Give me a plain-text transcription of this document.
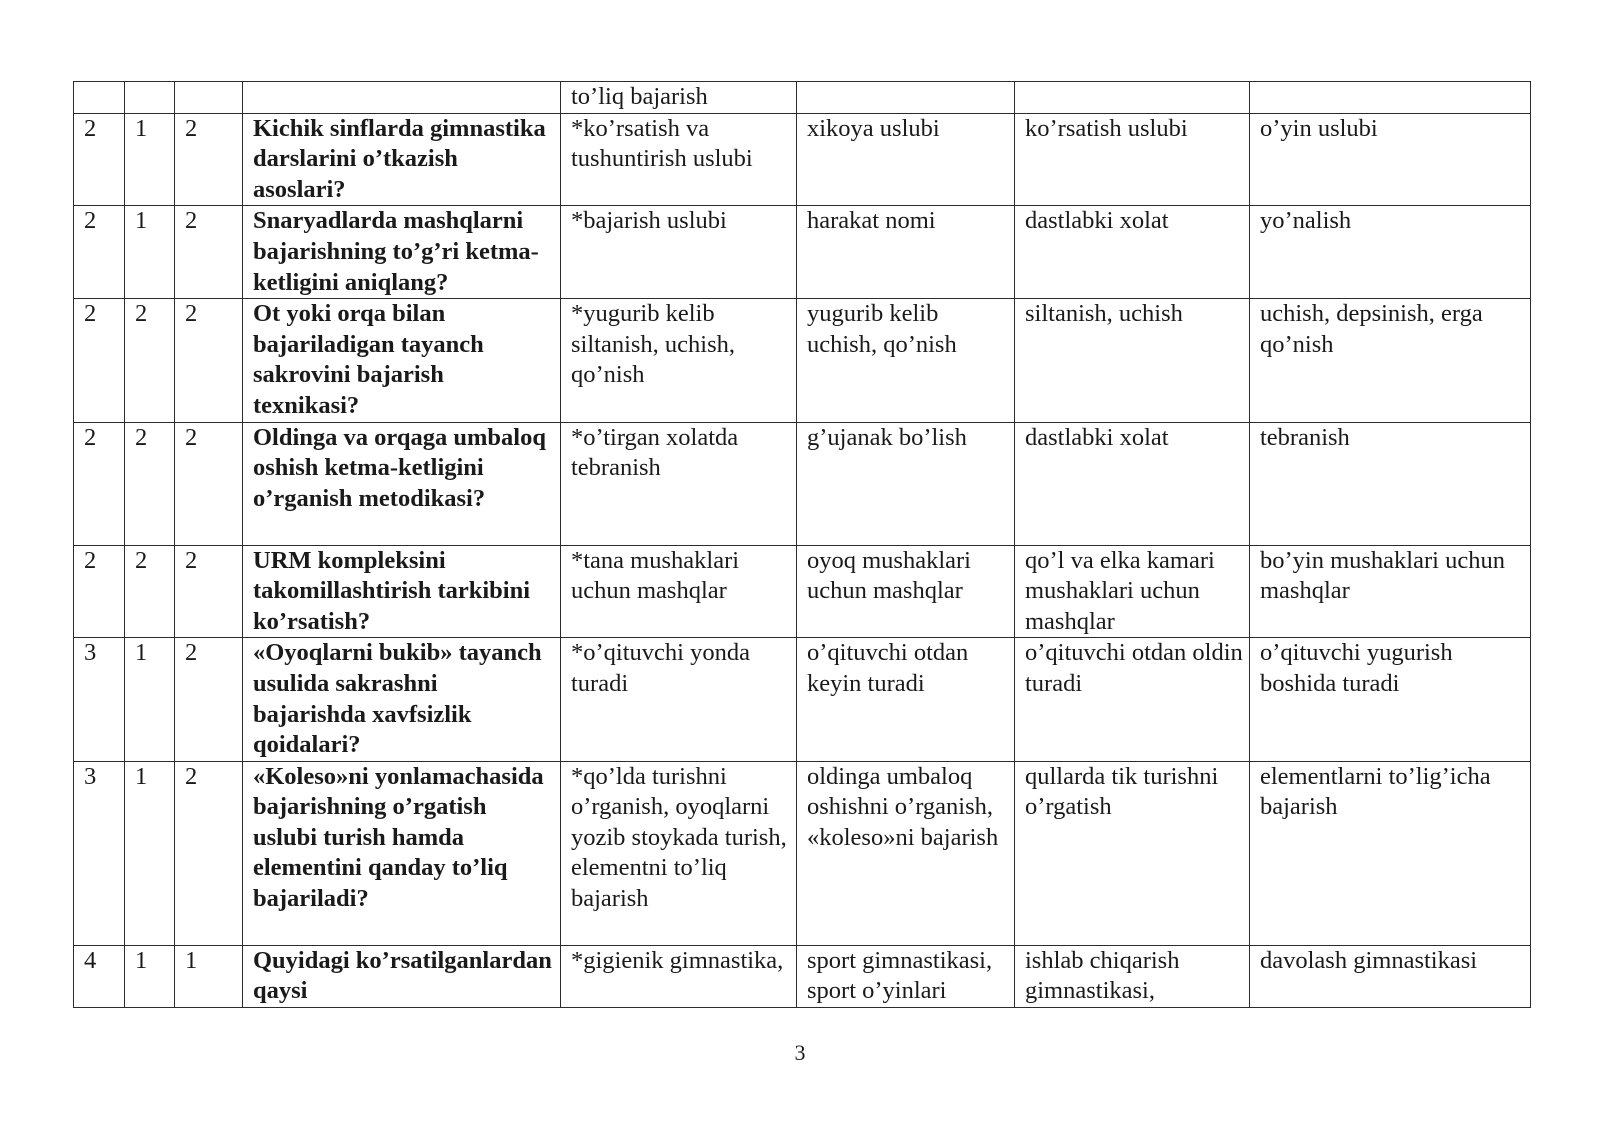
				to’liq bajarish			
2	1	2	Kichik sinflarda gimnastika darslarini o’tkazish asoslari?	*ko’rsatish va tushuntirish uslubi	xikoya uslubi	ko’rsatish uslubi	o’yin uslubi
2	1	2	Snaryadlarda mashqlarni bajarishning to’g’ri ketma-ketligini aniqlang?	*bajarish uslubi	harakat nomi	dastlabki xolat	yo’nalish
2	2	2	Ot yoki orqa bilan bajariladigan tayanch sakrovini bajarish texnikasi?	*yugurib kelib siltanish, uchish, qo’nish	yugurib kelib uchish, qo’nish	siltanish, uchish	uchish, depsinish, erga qo’nish
2	2	2	Oldinga va orqaga umbaloq oshish ketma-ketligini o’rganish metodikasi?	*o’tirgan xolatda tebranish	g’ujanak bo’lish	dastlabki xolat	tebranish
2	2	2	URM kompleksini takomillashtirish tarkibini ko’rsatish?	*tana mushaklari uchun mashqlar	oyoq mushaklari uchun mashqlar	qo’l va elka kamari mushaklari uchun mashqlar	bo’yin mushaklari uchun mashqlar
3	1	2	«Oyoqlarni bukib» tayanch usulida sakrashni bajarishda xavfsizlik qoidalari?	*o’qituvchi yonda turadi	o’qituvchi otdan keyin turadi	o’qituvchi otdan oldin turadi	o’qituvchi yugurish boshida turadi
3	1	2	«Koleso»ni yonlamachasida bajarishning o’rgatish uslubi turish hamda elementini qanday to’liq bajariladi?	*qo’lda turishni o’rganish, oyoqlarni yozib stoykada turish, elementni to’liq bajarish	oldinga umbaloq oshishni o’rganish, «koleso»ni bajarish	qullarda tik turishni o’rgatish	elementlarni to’lig’icha bajarish
4	1	1	Quyidagi ko’rsatilganlardan qaysi	*gigienik gimnastika,	sport gimnastikasi, sport o’yinlari	ishlab chiqarish gimnastikasi,	davolash gimnastikasi
3
